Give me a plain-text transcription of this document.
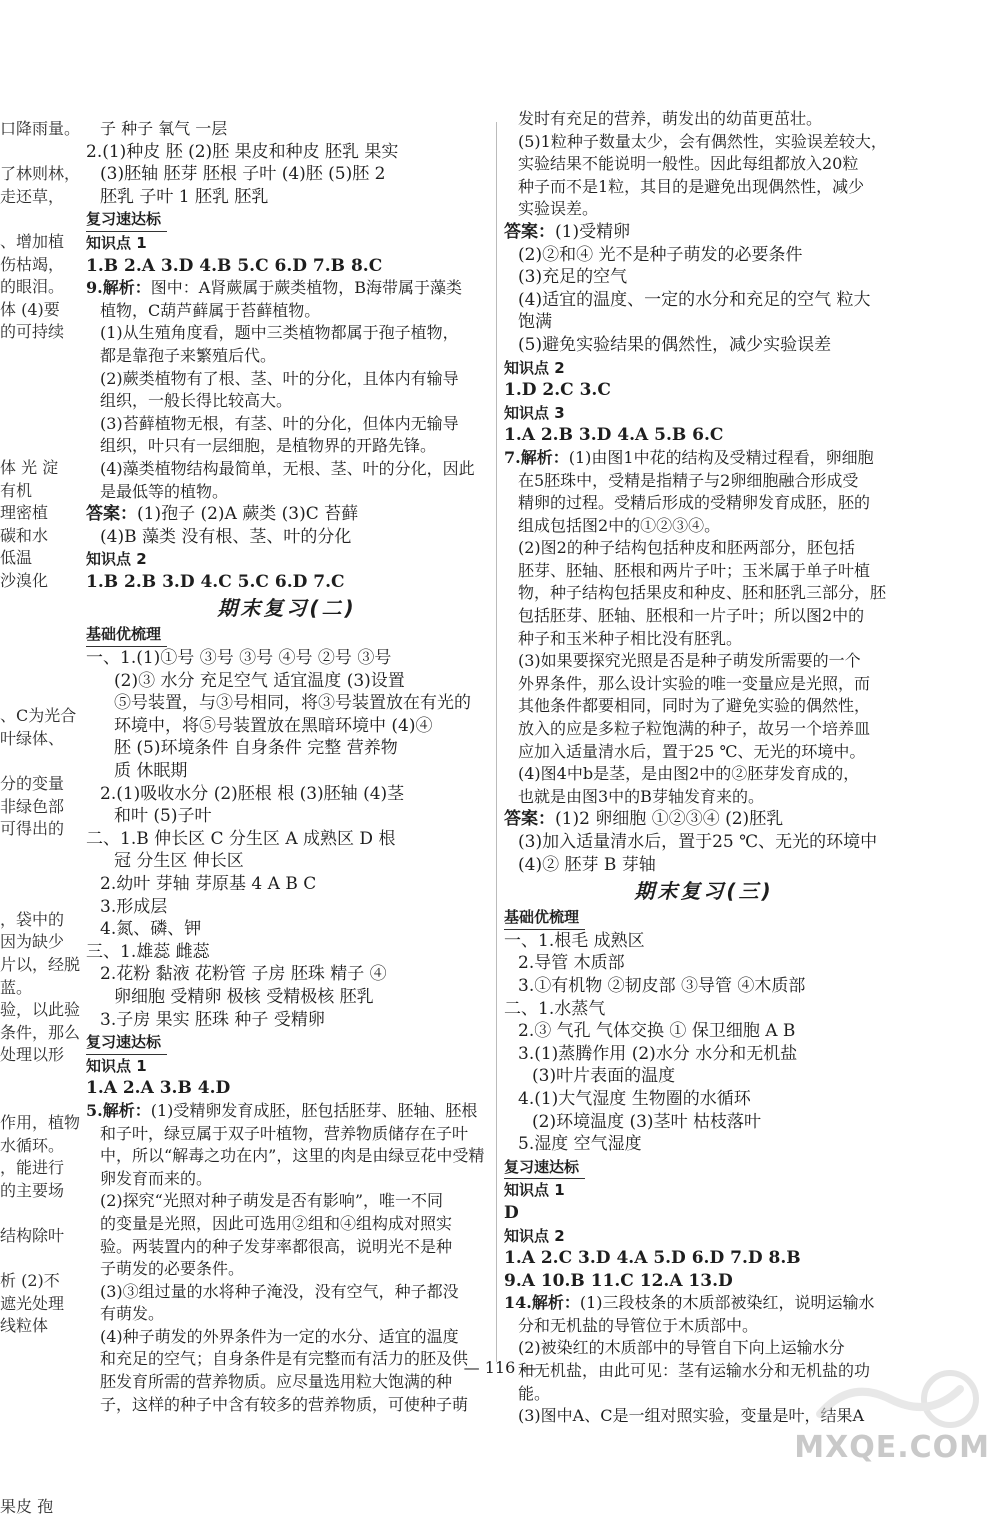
口降雨量。

了林则林，
走还草，

、增加植
伤枯竭，
的眼泪。
体 (4)要
的可持续

体 光 淀
有机
理密植
碳和水
低温
沙溴化

、C为光合
叶绿体、

分的变量
非绿色部
可得出的

，袋中的
因为缺少
片以，经脱
蓝。
验，以此验
条件，那么
处理以形

作用，植物
水循环。
，能进行
的主要场

结构除叶

析 (2)不
遮光处理
线粒体

果皮 孢
子 种子 氧气 一层
2.(1)种皮 胚 (2)胚 果皮和种皮 胚乳 果实
(3)胚轴 胚芽 胚根 子叶 (4)胚 (5)胚 2
胚乳 子叶 1 胚乳 胚乳
复习速达标
知识点 1
1.B 2.A 3.D 4.B 5.C 6.D 7.B 8.C
9.解析：图中：A肾蕨属于蕨类植物，B海带属于藻类
植物，C葫芦藓属于苔藓植物。
(1)从生殖角度看，题中三类植物都属于孢子植物，
都是靠孢子来繁殖后代。
(2)蕨类植物有了根、茎、叶的分化，且体内有输导
组织，一般长得比较高大。
(3)苔藓植物无根，有茎、叶的分化，但体内无输导
组织，叶只有一层细胞，是植物界的开路先锋。
(4)藻类植物结构最简单，无根、茎、叶的分化，因此
是最低等的植物。
答案：(1)孢子 (2)A 蕨类 (3)C 苔藓
(4)B 藻类 没有根、茎、叶的分化
知识点 2
1.B 2.B 3.D 4.C 5.C 6.D 7.C
期末复习(二)
基础优梳理
一、1.(1)①号 ③号 ③号 ④号 ②号 ③号
(2)③ 水分 充足空气 适宜温度 (3)设置
⑤号装置，与③号相同，将③号装置放在有光的
环境中，将⑤号装置放在黑暗环境中 (4)④
胚 (5)环境条件 自身条件 完整 营养物
质 休眠期
2.(1)吸收水分 (2)胚根 根 (3)胚轴 (4)茎
和叶 (5)子叶
二、1.B 伸长区 C 分生区 A 成熟区 D 根
冠 分生区 伸长区
2.幼叶 芽轴 芽原基 4 A B C
3.形成层
4.氮、磷、钾
三、1.雄蕊 雌蕊
2.花粉 黏液 花粉管 子房 胚珠 精子 ④
卵细胞 受精卵 极核 受精极核 胚乳
3.子房 果实 胚珠 种子 受精卵
复习速达标
知识点 1
1.A 2.A 3.B 4.D
5.解析：(1)受精卵发育成胚，胚包括胚芽、胚轴、胚根
和子叶，绿豆属于双子叶植物，营养物质储存在子叶
中，所以“解毒之功在内”，这里的肉是由绿豆花中受精
卵发育而来的。
(2)探究“光照对种子萌发是否有影响”，唯一不同
的变量是光照，因此可选用②组和④组构成对照实
验。两装置内的种子发芽率都很高，说明光不是种
子萌发的必要条件。
(3)③组过量的水将种子淹没，没有空气，种子都没
有萌发。
(4)种子萌发的外界条件为一定的水分、适宜的温度
和充足的空气；自身条件是有完整而有活力的胚及供
胚发育所需的营养物质。应尽量选用粒大饱满的种
子，这样的种子中含有较多的营养物质，可使种子萌
发时有充足的营养，萌发出的幼苗更茁壮。
(5)1粒种子数量太少，会有偶然性，实验误差较大，
实验结果不能说明一般性。因此每组都放入20粒
种子而不是1粒，其目的是避免出现偶然性，减少
实验误差。
答案：(1)受精卵
(2)②和④ 光不是种子萌发的必要条件
(3)充足的空气
(4)适宜的温度、一定的水分和充足的空气 粒大
饱满
(5)避免实验结果的偶然性，减少实验误差
知识点 2
1.D 2.C 3.C
知识点 3
1.A 2.B 3.D 4.A 5.B 6.C
7.解析：(1)由图1中花的结构及受精过程看，卵细胞
在5胚珠中，受精是指精子与2卵细胞融合形成受
精卵的过程。受精后形成的受精卵发育成胚，胚的
组成包括图2中的①②③④。
(2)图2的种子结构包括种皮和胚两部分，胚包括
胚芽、胚轴、胚根和两片子叶；玉米属于单子叶植
物，种子结构包括果皮和种皮、胚和胚乳三部分，胚
包括胚芽、胚轴、胚根和一片子叶；所以图2中的
种子和玉米种子相比没有胚乳。
(3)如果要探究光照是否是种子萌发所需要的一个
外界条件，那么设计实验的唯一变量应是光照，而
其他条件都要相同，同时为了避免实验的偶然性，
放入的应是多粒子粒饱满的种子，故另一个培养皿
应加入适量清水后，置于25 ℃、无光的环境中。
(4)图4中b是茎，是由图2中的②胚芽发育成的，
也就是由图3中的B芽轴发育来的。
答案：(1)2 卵细胞 ①②③④ (2)胚乳
(3)加入适量清水后，置于25 ℃、无光的环境中
(4)② 胚芽 B 芽轴
期末复习(三)
基础优梳理
一、1.根毛 成熟区
2.导管 木质部
3.①有机物 ②韧皮部 ③导管 ④木质部
二、1.水蒸气
2.③ 气孔 气体交换 ① 保卫细胞 A B
3.(1)蒸腾作用 (2)水分 水分和无机盐
(3)叶片表面的温度
4.(1)大气湿度 生物圈的水循环
(2)环境温度 (3)茎叶 枯枝落叶
5.湿度 空气湿度
复习速达标
知识点 1
D
知识点 2
1.A 2.C 3.D 4.A 5.D 6.D 7.D 8.B
9.A 10.B 11.C 12.A 13.D
14.解析：(1)三段枝条的木质部被染红，说明运输水
分和无机盐的导管位于木质部中。
(2)被染红的木质部中的导管自下向上运输水分
和无机盐，由此可见：茎有运输水分和无机盐的功
能。
(3)图中A、C是一组对照实验，变量是叶，结果A
— 116 —
MXQE.COM
